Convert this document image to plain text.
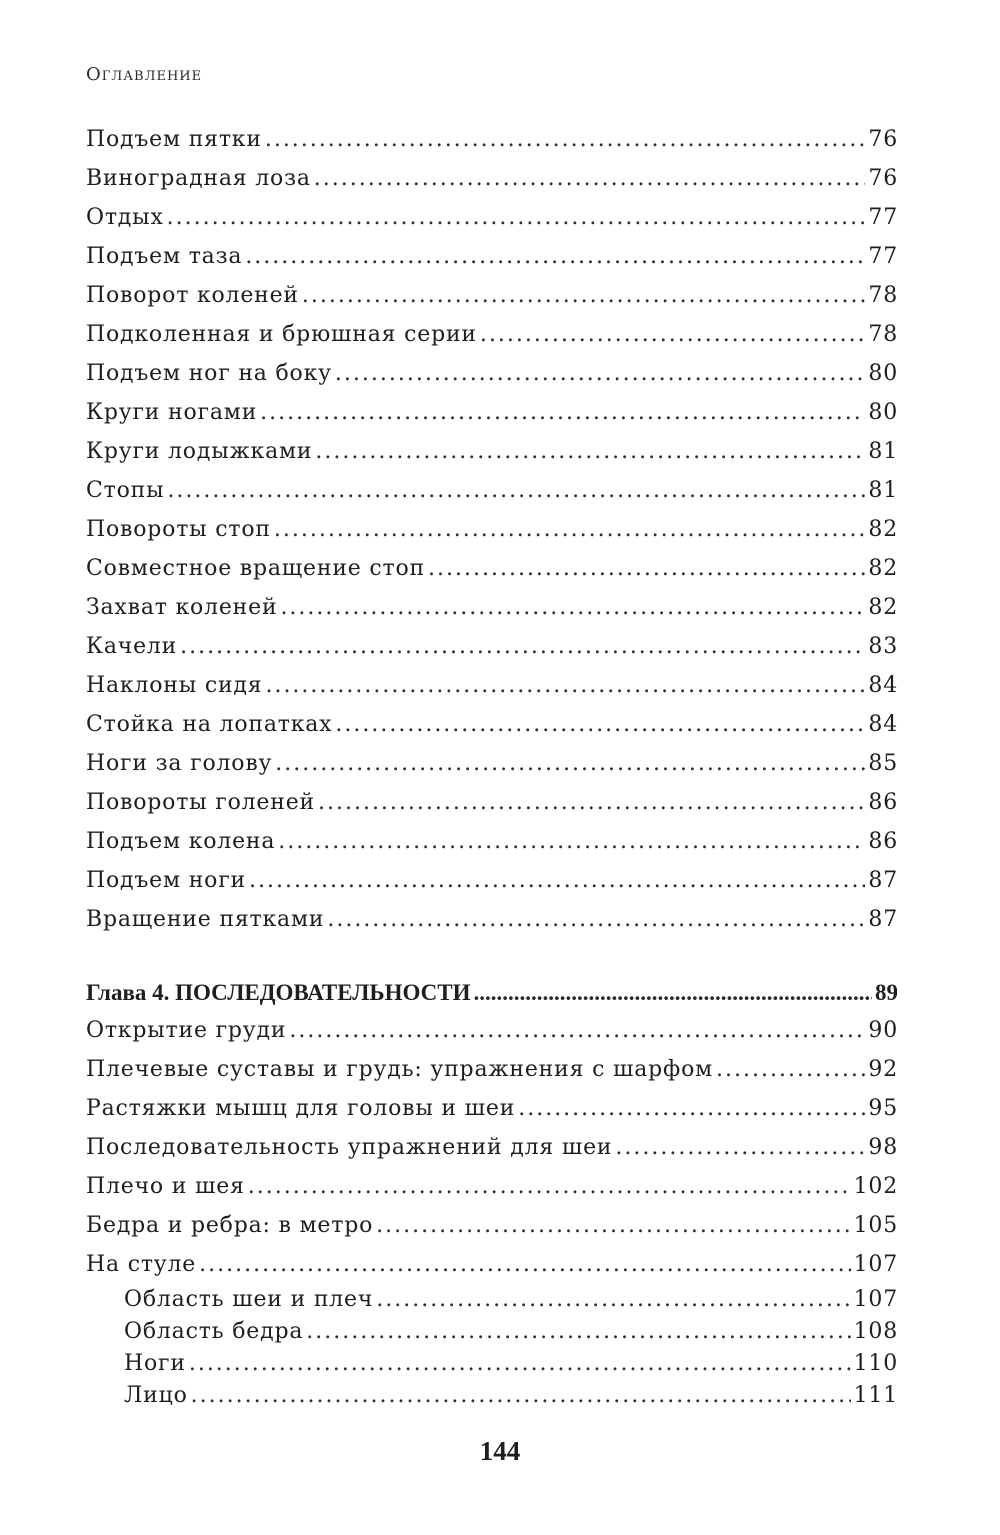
Оглавление
Подъем пятки .....	76
Виноградная лоза .....	76
Отдых .....	77
Подъем таза .....	77
Поворот коленей .....	78
Подколенная и брюшная серии .....	78
Подъем ног на боку .....	80
Круги ногами .....	80
Круги лодыжками .....	81
Стопы .....	81
Повороты стоп .....	82
Совместное вращение стоп .....	82
Захват коленей .....	82
Качели .....	83
Наклоны сидя .....	84
Стойка на лопатках .....	84
Ноги за голову .....	85
Повороты голеней .....	86
Подъем колена .....	86
Подъем ноги .....	87
Вращение пятками .....	87
Глава 4. ПОСЛЕДОВАТЕЛЬНОСТИ .....	89
Открытие груди .....	90
Плечевые суставы и грудь: упражнения с шарфом .....	92
Растяжки мышц для головы и шеи .....	95
Последовательность упражнений для шеи .....	98
Плечо и шея .....	102
Бедра и ребра: в метро .....	105
На стуле .....	107
Область шеи и плеч .....	107
Область бедра .....	108
Ноги .....	110
Лицо .....	111
144
